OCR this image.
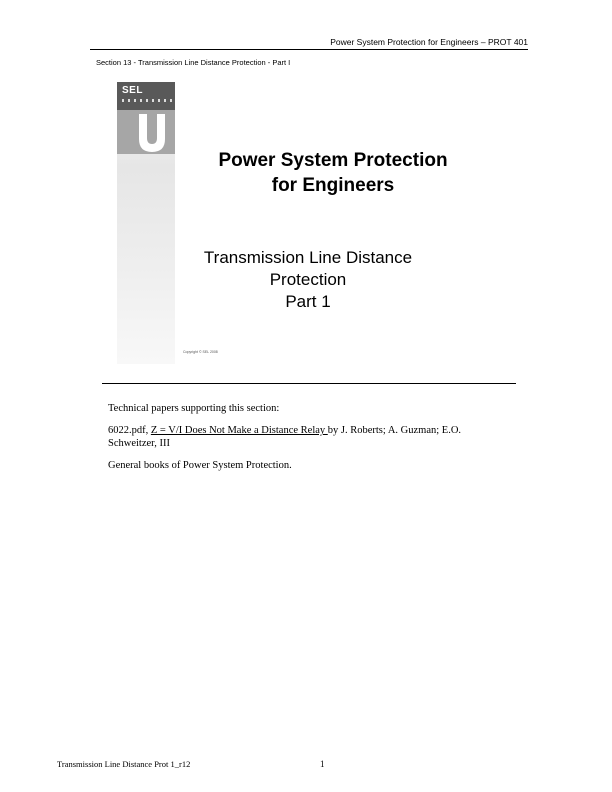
Power System Protection for Engineers – PROT 401
Section 13 - Transmission Line Distance Protection - Part I
SEL
Power System Protection
for Engineers
Transmission Line Distance
Protection
Part 1
Copyright © SEL 2008
Technical papers supporting this section:
6022.pdf, Z = V/I Does Not Make a Distance Relay by J. Roberts; A. Guzman; E.O. Schweitzer, III
General books of Power System Protection.
Transmission Line Distance Prot 1_r12	1
